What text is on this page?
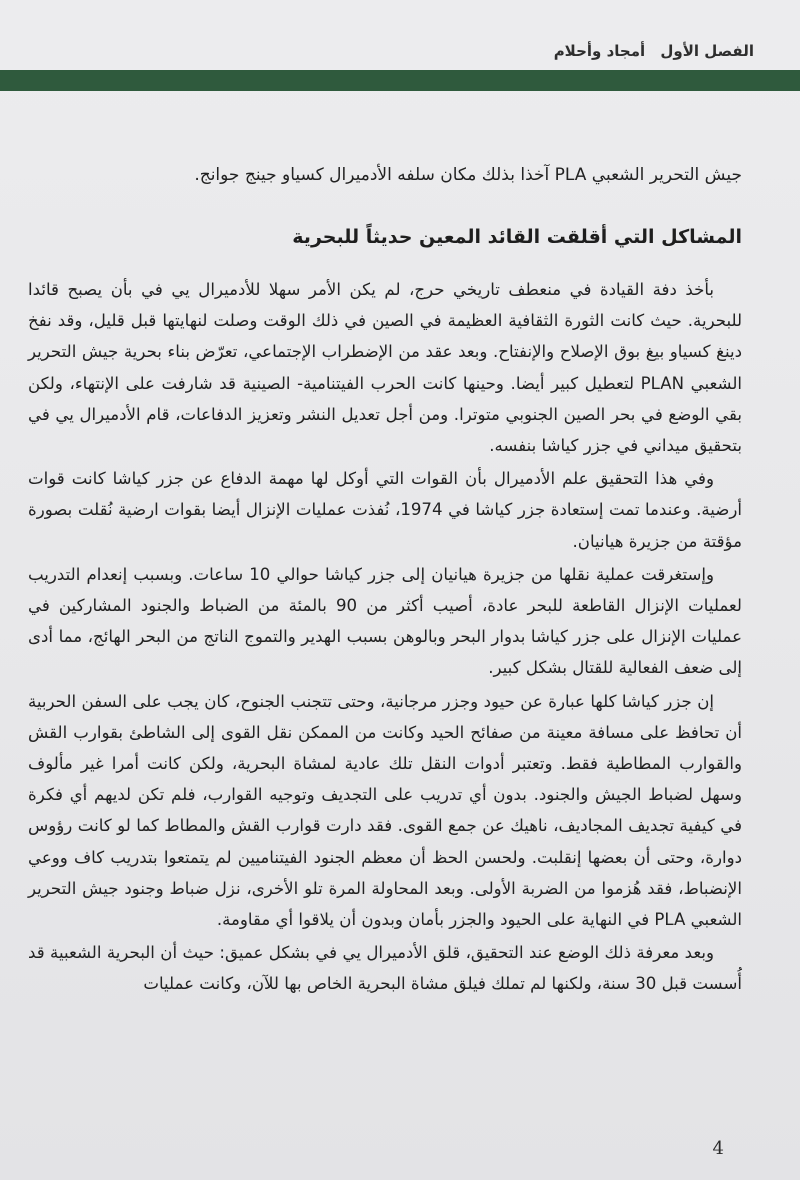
الفصل الأول أمجاد وأحلام

جيش التحرير الشعبي PLA آخذا بذلك مكان سلفه الأدميرال كسياو جينج جوانج.

المشاكل التي أقلقت القائد المعين حديثاً للبحرية

بأخذ دفة القيادة في منعطف تاريخي حرج، لم يكن الأمر سهلا للأدميرال يي في بأن يصبح قائدا للبحرية. حيث كانت الثورة الثقافية العظيمة في الصين في ذلك الوقت وصلت لنهايتها قبل قليل، وقد نفخ دينغ كسياو بيغ بوق الإصلاح والإنفتاح. وبعد عقد من الإضطراب الإجتماعي، تعرّض بناء بحرية جيش التحرير الشعبي PLAN لتعطيل كبير أيضا. وحينها كانت الحرب الفيتنامية- الصينية قد شارفت على الإنتهاء، ولكن بقي الوضع في بحر الصين الجنوبي متوترا. ومن أجل تعديل النشر وتعزيز الدفاعات، قام الأدميرال يي في بتحقيق ميداني في جزر كياشا بنفسه.

وفي هذا التحقيق علم الأدميرال بأن القوات التي أوكل لها مهمة الدفاع عن جزر كياشا كانت قوات أرضية. وعندما تمت إستعادة جزر كياشا في 1974، نُفذت عمليات الإنزال أيضا بقوات ارضية نُقلت بصورة مؤقتة من جزيرة هيانيان.

وإستغرقت عملية نقلها من جزيرة هيانيان إلى جزر كياشا حوالي 10 ساعات. وبسبب إنعدام التدريب لعمليات الإنزال القاطعة للبحر عادة، أصيب أكثر من 90 بالمئة من الضباط والجنود المشاركين في عمليات الإنزال على جزر كياشا بدوار البحر وبالوهن بسبب الهدير والتموج الناتج من البحر الهائج، مما أدى إلى ضعف الفعالية للقتال بشكل كبير.

إن جزر كياشا كلها عبارة عن حيود وجزر مرجانية، وحتى تتجنب الجنوح، كان يجب على السفن الحربية أن تحافظ على مسافة معينة من صفائح الحيد وكانت من الممكن نقل القوى إلى الشاطئ بقوارب القش والقوارب المطاطية فقط. وتعتبر أدوات النقل تلك عادية لمشاة البحرية، ولكن كانت أمرا غير مألوف وسهل لضباط الجيش والجنود. بدون أي تدريب على التجديف وتوجيه القوارب، فلم تكن لديهم أي فكرة في كيفية تجديف المجاديف، ناهيك عن جمع القوى. فقد دارت قوارب القش والمطاط كما لو كانت رؤوس دوارة، وحتى أن بعضها إنقلبت. ولحسن الحظ أن معظم الجنود الفيتناميين لم يتمتعوا بتدريب كاف ووعي الإنضباط، فقد هُزموا من الضربة الأولى. وبعد المحاولة المرة تلو الأخرى، نزل ضباط وجنود جيش التحرير الشعبي PLA في النهاية على الحيود والجزر بأمان وبدون أن يلاقوا أي مقاومة.

وبعد معرفة ذلك الوضع عند التحقيق، قلق الأدميرال يي في بشكل عميق: حيث أن البحرية الشعبية قد أُسست قبل 30 سنة، ولكنها لم تملك فيلق مشاة البحرية الخاص بها للآن، وكانت عمليات

4
